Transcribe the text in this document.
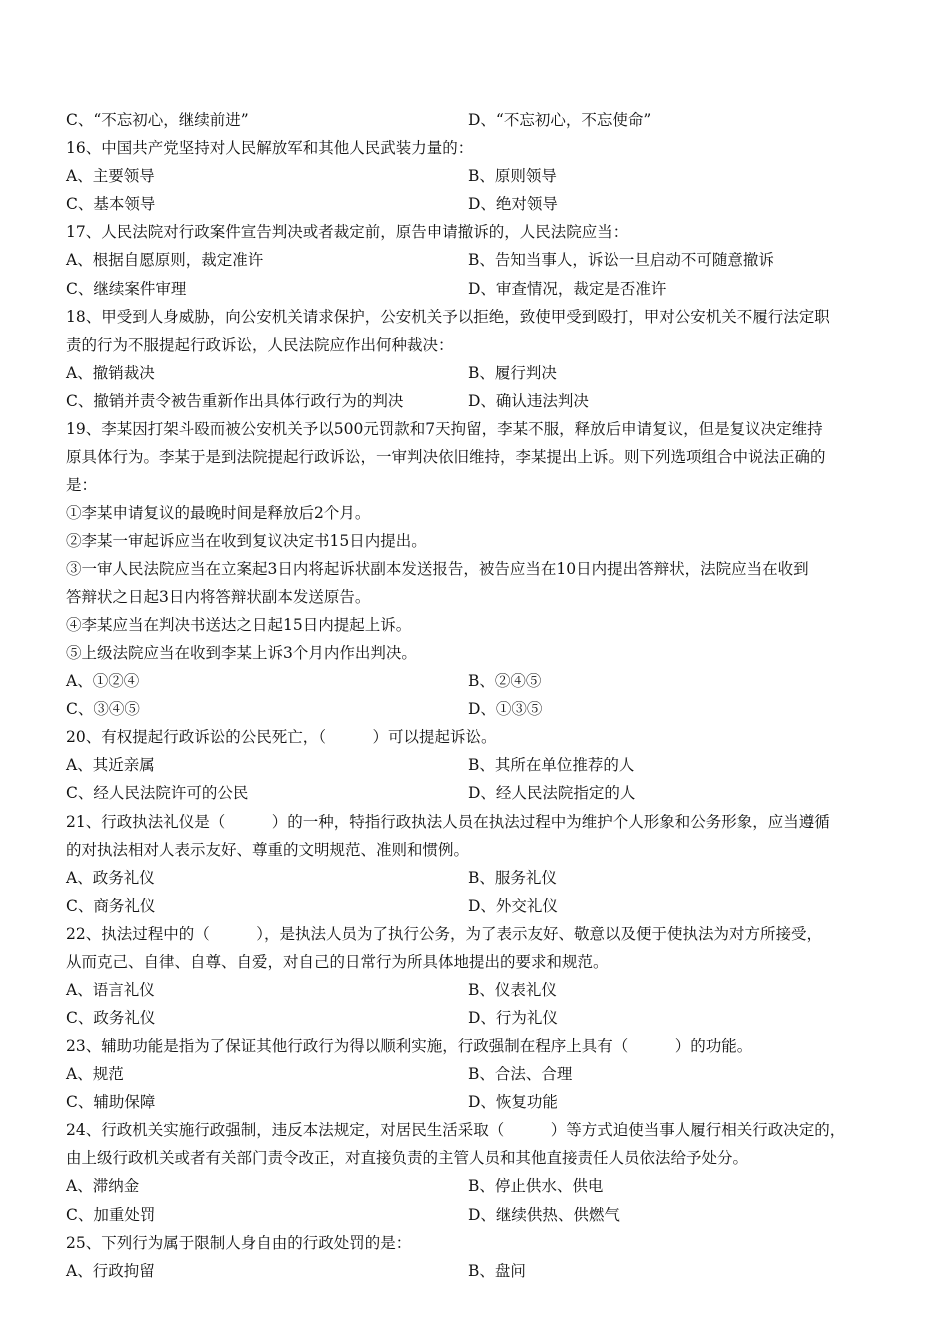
C、“不忘初心，继续前进”	D、“不忘初心，不忘使命”
16、中国共产党坚持对人民解放军和其他人民武装力量的：
A、主要领导	B、原则领导
C、基本领导	D、绝对领导
17、人民法院对行政案件宣告判决或者裁定前，原告申请撤诉的，人民法院应当：
A、根据自愿原则，裁定准许	B、告知当事人，诉讼一旦启动不可随意撤诉
C、继续案件审理	D、审查情况，裁定是否准许
18、甲受到人身威胁，向公安机关请求保护，公安机关予以拒绝，致使甲受到殴打，甲对公安机关不履行法定职
责的行为不服提起行政诉讼，人民法院应作出何种裁决：
A、撤销裁决	B、履行判决
C、撤销并责令被告重新作出具体行政行为的判决	D、确认违法判决
19、李某因打架斗殴而被公安机关予以500元罚款和7天拘留，李某不服，释放后申请复议，但是复议决定维持
原具体行为。李某于是到法院提起行政诉讼，一审判决依旧维持，李某提出上诉。则下列选项组合中说法正确的
是：
①李某申请复议的最晚时间是释放后2个月。
②李某一审起诉应当在收到复议决定书15日内提出。
③一审人民法院应当在立案起3日内将起诉状副本发送报告，被告应当在10日内提出答辩状，法院应当在收到
答辩状之日起3日内将答辩状副本发送原告。
④李某应当在判决书送达之日起15日内提起上诉。
⑤上级法院应当在收到李某上诉3个月内作出判决。
A、①②④	B、②④⑤
C、③④⑤	D、①③⑤
20、有权提起行政诉讼的公民死亡，（　　　）可以提起诉讼。
A、其近亲属	B、其所在单位推荐的人
C、经人民法院许可的公民	D、经人民法院指定的人
21、行政执法礼仪是（　　　）的一种，特指行政执法人员在执法过程中为维护个人形象和公务形象，应当遵循
的对执法相对人表示友好、尊重的文明规范、准则和惯例。
A、政务礼仪	B、服务礼仪
C、商务礼仪	D、外交礼仪
22、执法过程中的（　　　），是执法人员为了执行公务，为了表示友好、敬意以及便于使执法为对方所接受，
从而克己、自律、自尊、自爱，对自己的日常行为所具体地提出的要求和规范。
A、语言礼仪	B、仪表礼仪
C、政务礼仪	D、行为礼仪
23、辅助功能是指为了保证其他行政行为得以顺利实施，行政强制在程序上具有（　　　）的功能。
A、规范	B、合法、合理
C、辅助保障	D、恢复功能
24、行政机关实施行政强制，违反本法规定，对居民生活采取（　　　）等方式迫使当事人履行相关行政决定的，
由上级行政机关或者有关部门责令改正，对直接负责的主管人员和其他直接责任人员依法给予处分。
A、滞纳金	B、停止供水、供电
C、加重处罚	D、继续供热、供燃气
25、下列行为属于限制人身自由的行政处罚的是：
A、行政拘留	B、盘问
